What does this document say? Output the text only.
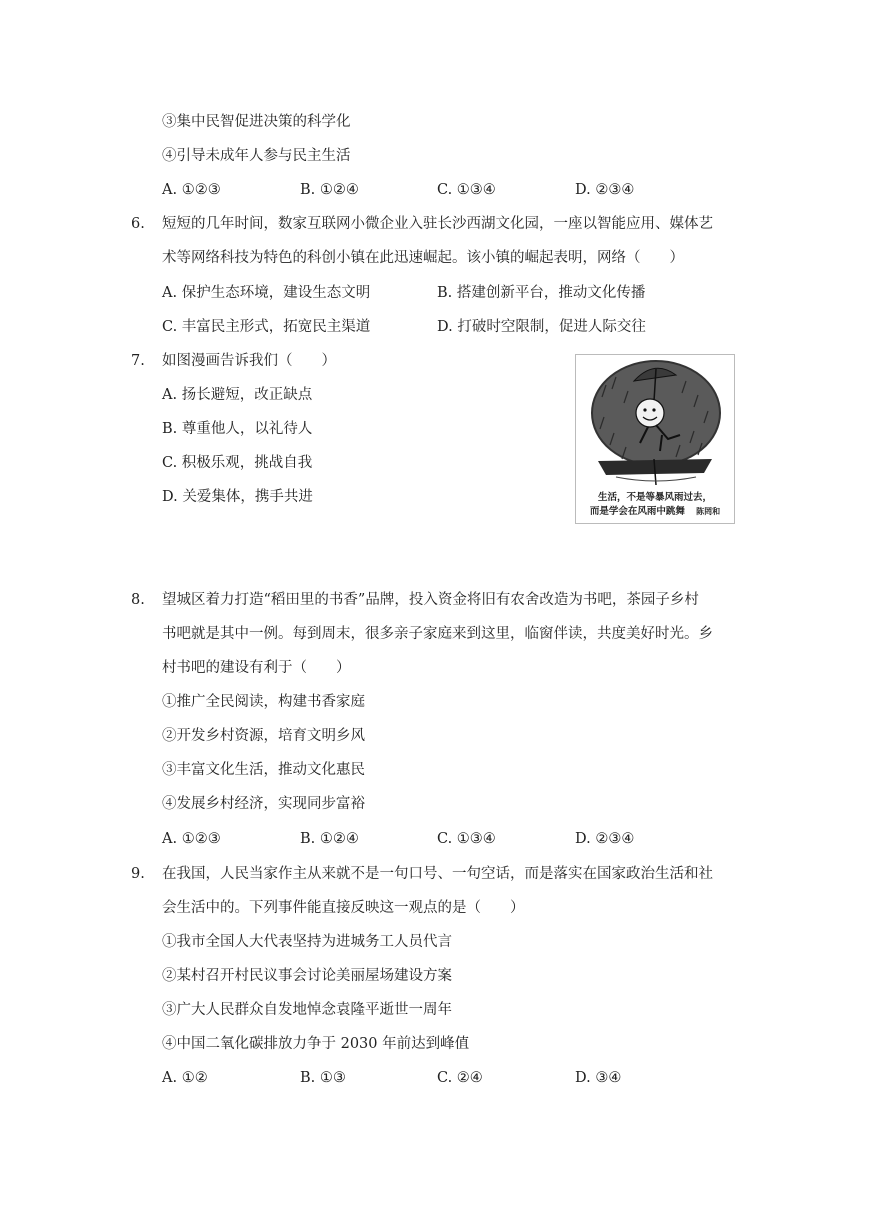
③集中民智促进决策的科学化
④引导未成年人参与民主生活
A. ①②③	B. ①②④	C. ①③④	D. ②③④
6. 短短的几年时间，数家互联网小微企业入驻长沙西湖文化园，一座以智能应用、媒体艺
术等网络科技为特色的科创小镇在此迅速崛起。该小镇的崛起表明，网络（　　）
A. 保护生态环境，建设生态文明	B. 搭建创新平台，推动文化传播
C. 丰富民主形式，拓宽民主渠道	D. 打破时空限制，促进人际交往
7. 如图漫画告诉我们（　　）
A. 扬长避短，改正缺点
B. 尊重他人，以礼待人
C. 积极乐观，挑战自我
D. 关爱集体，携手共进	生活，不是等暴风雨过去，
而是学会在风雨中跳舞 陈罔和
8. 望城区着力打造“稻田里的书香”品牌，投入资金将旧有农舍改造为书吧，茶园子乡村
书吧就是其中一例。每到周末，很多亲子家庭来到这里，临窗伴读，共度美好时光。乡
村书吧的建设有利于（　　）
①推广全民阅读，构建书香家庭
②开发乡村资源，培育文明乡风
③丰富文化生活，推动文化惠民
④发展乡村经济，实现同步富裕
A. ①②③	B. ①②④	C. ①③④	D. ②③④
9. 在我国，人民当家作主从来就不是一句口号、一句空话，而是落实在国家政治生活和社
会生活中的。下列事件能直接反映这一观点的是（　　）
①我市全国人大代表坚持为进城务工人员代言
②某村召开村民议事会讨论美丽屋场建设方案
③广大人民群众自发地悼念袁隆平逝世一周年
④中国二氧化碳排放力争于 2030 年前达到峰值
A. ①②	B. ①③	C. ②④	D. ③④
